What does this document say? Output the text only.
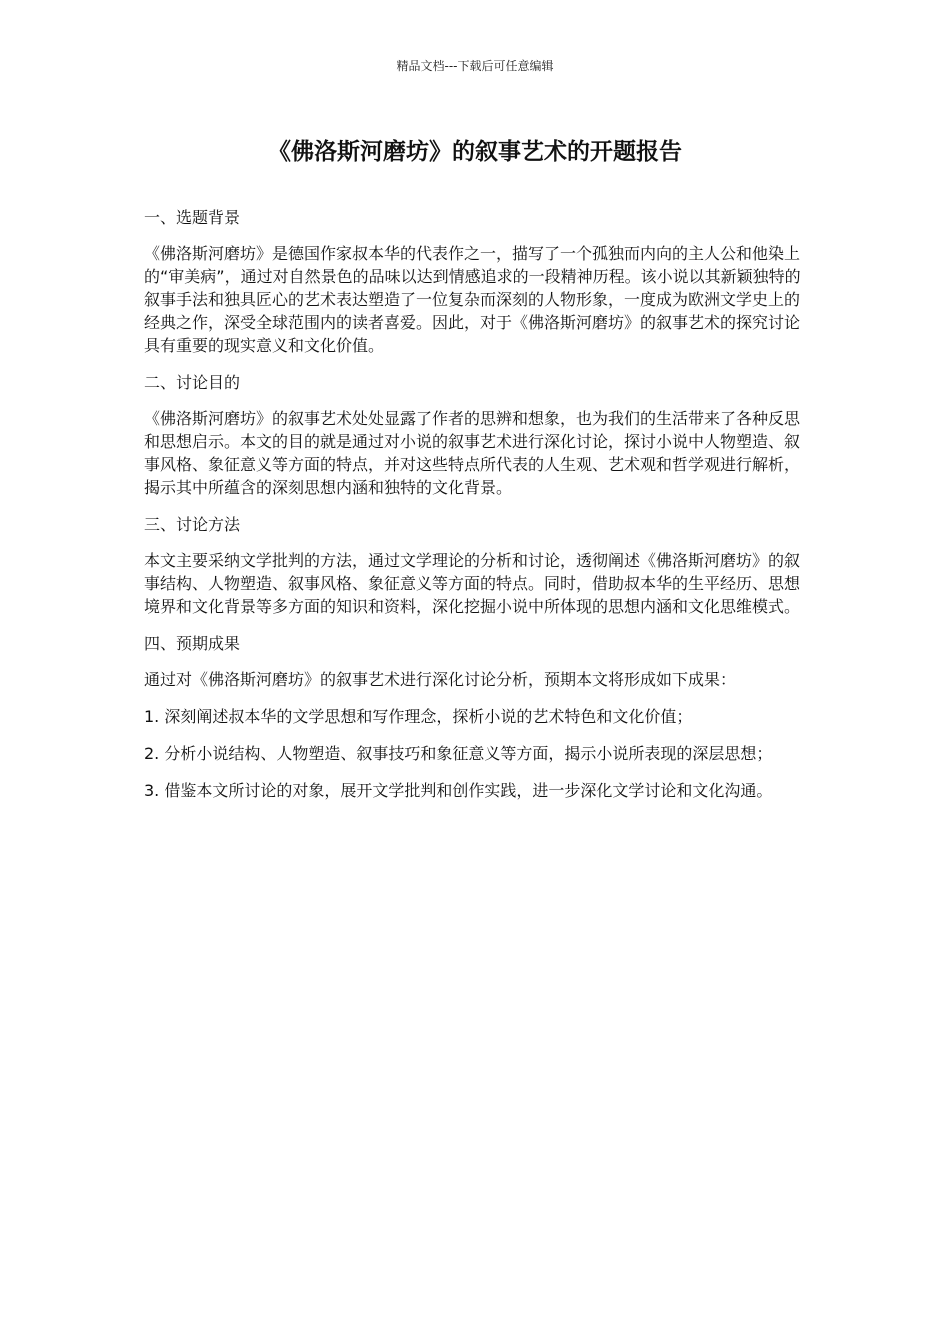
精品文档---下载后可任意编辑
《佛洛斯河磨坊》的叙事艺术的开题报告

一、选题背景

《佛洛斯河磨坊》是德国作家叔本华的代表作之一，描写了一个孤独而内向的主人公和他染上的“审美病”，通过对自然景色的品味以达到情感追求的一段精神历程。该小说以其新颖独特的叙事手法和独具匠心的艺术表达塑造了一位复杂而深刻的人物形象，一度成为欧洲文学史上的经典之作，深受全球范围内的读者喜爱。因此，对于《佛洛斯河磨坊》的叙事艺术的探究讨论具有重要的现实意义和文化价值。

二、讨论目的

《佛洛斯河磨坊》的叙事艺术处处显露了作者的思辨和想象，也为我们的生活带来了各种反思和思想启示。本文的目的就是通过对小说的叙事艺术进行深化讨论，探讨小说中人物塑造、叙事风格、象征意义等方面的特点，并对这些特点所代表的人生观、艺术观和哲学观进行解析，揭示其中所蕴含的深刻思想内涵和独特的文化背景。

三、讨论方法

本文主要采纳文学批判的方法，通过文学理论的分析和讨论，透彻阐述《佛洛斯河磨坊》的叙事结构、人物塑造、叙事风格、象征意义等方面的特点。同时，借助叔本华的生平经历、思想境界和文化背景等多方面的知识和资料，深化挖掘小说中所体现的思想内涵和文化思维模式。

四、预期成果

通过对《佛洛斯河磨坊》的叙事艺术进行深化讨论分析，预期本文将形成如下成果：

1. 深刻阐述叔本华的文学思想和写作理念，探析小说的艺术特色和文化价值；

2. 分析小说结构、人物塑造、叙事技巧和象征意义等方面，揭示小说所表现的深层思想；

3. 借鉴本文所讨论的对象，展开文学批判和创作实践，进一步深化文学讨论和文化沟通。
